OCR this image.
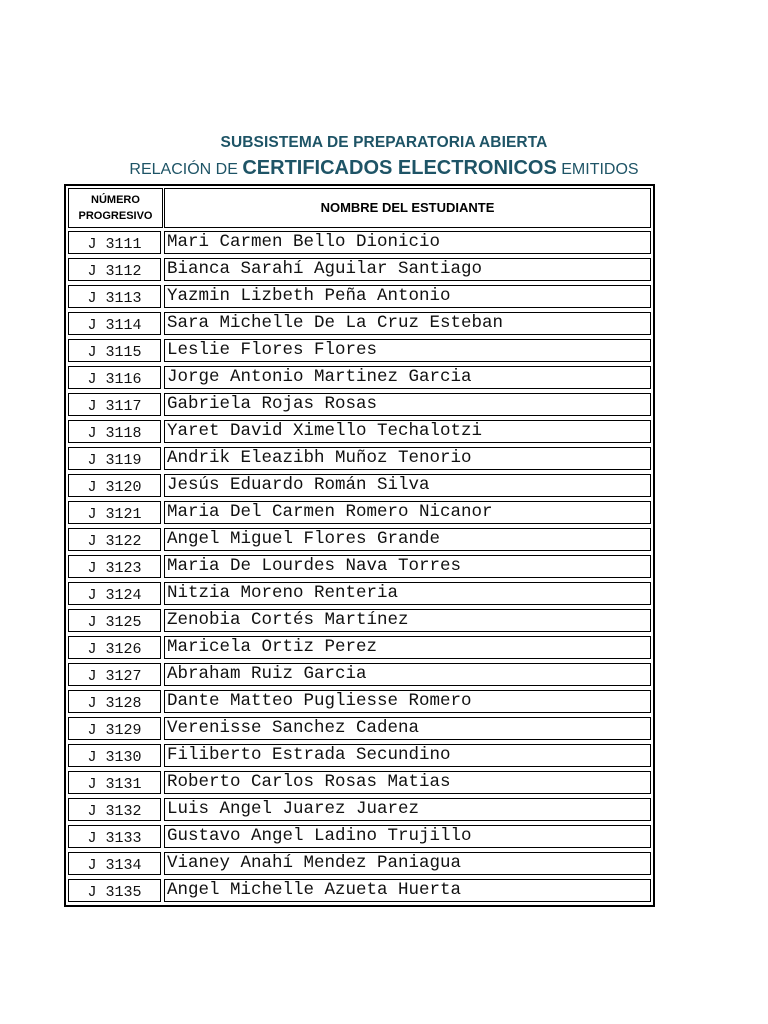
SUBSISTEMA DE PREPARATORIA ABIERTA
RELACIÓN DE CERTIFICADOS ELECTRONICOS EMITIDOS
NÚMERO
PROGRESIVO	NOMBRE DEL ESTUDIANTE

J 3111	Mari Carmen Bello Dionicio

J 3112	Bianca Sarahí Aguilar Santiago

J 3113	Yazmin Lizbeth Peña Antonio

J 3114	Sara Michelle De La Cruz Esteban

J 3115	Leslie Flores Flores

J 3116	Jorge Antonio Martinez Garcia

J 3117	Gabriela Rojas Rosas

J 3118	Yaret David Ximello Techalotzi

J 3119	Andrik Eleazibh Muñoz Tenorio

J 3120	Jesús Eduardo Román Silva

J 3121	Maria Del Carmen Romero Nicanor

J 3122	Angel Miguel Flores Grande

J 3123	Maria De Lourdes Nava Torres

J 3124	Nitzia Moreno Renteria

J 3125	Zenobia Cortés Martínez

J 3126	Maricela Ortiz Perez

J 3127	Abraham Ruiz Garcia

J 3128	Dante Matteo Pugliesse Romero

J 3129	Verenisse Sanchez Cadena

J 3130	Filiberto Estrada Secundino

J 3131	Roberto Carlos Rosas Matias

J 3132	Luis Angel Juarez Juarez

J 3133	Gustavo Angel Ladino Trujillo

J 3134	Vianey Anahí Mendez Paniagua

J 3135	Angel Michelle Azueta Huerta
